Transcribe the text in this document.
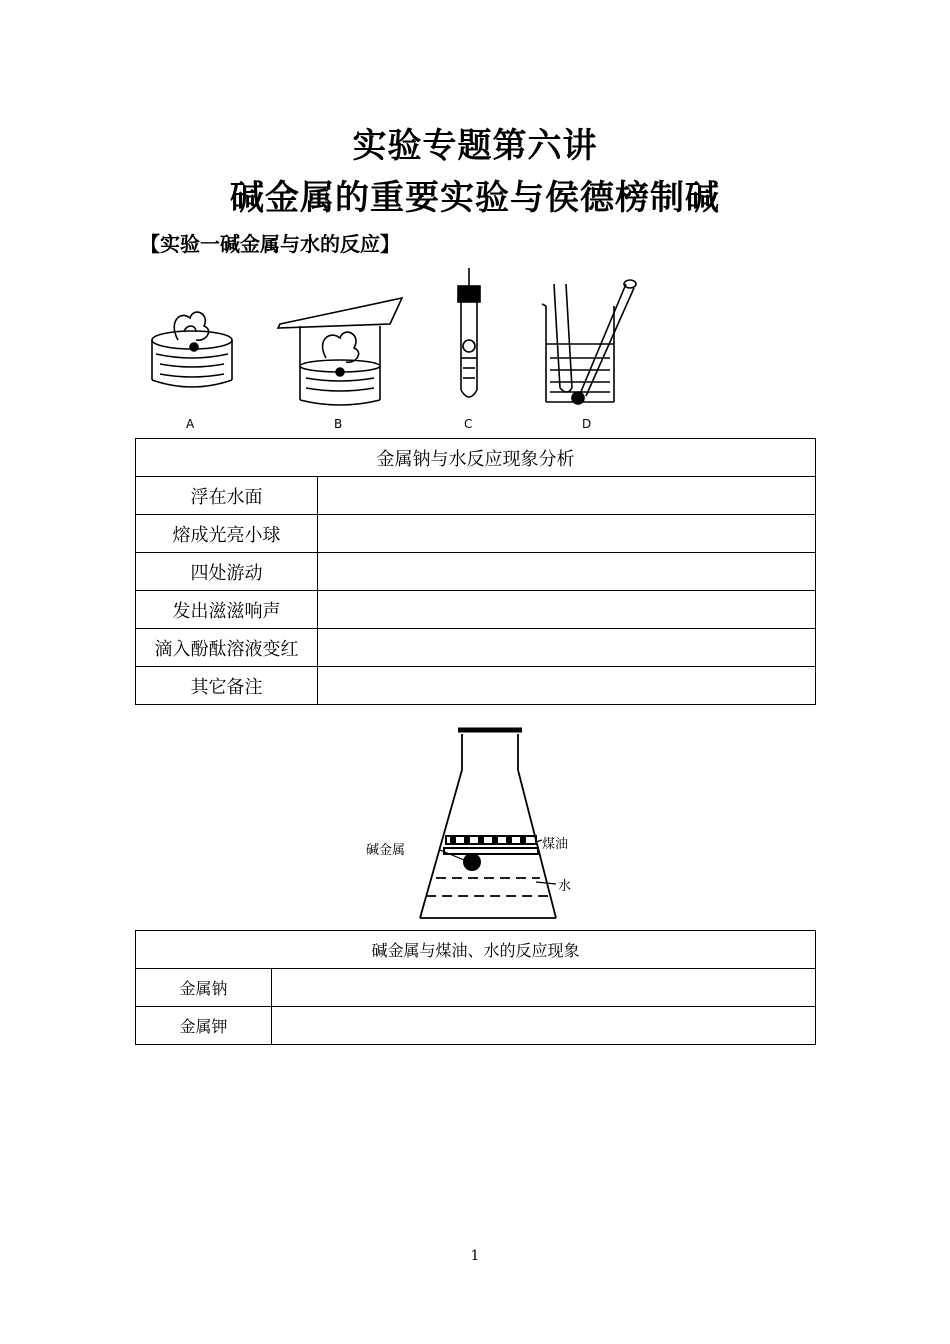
实验专题第六讲
碱金属的重要实验与侯德榜制碱
【实验一碱金属与水的反应】
A	B	C	D
金属钠与水反应现象分析	
浮在水面	
熔成光亮小球	
四处游动	
发出滋滋响声	
滴入酚酞溶液变红	
其它备注	
碱金属	煤油
水
碱金属与煤油、水的反应现象	
金属钠	
金属钾	
1
